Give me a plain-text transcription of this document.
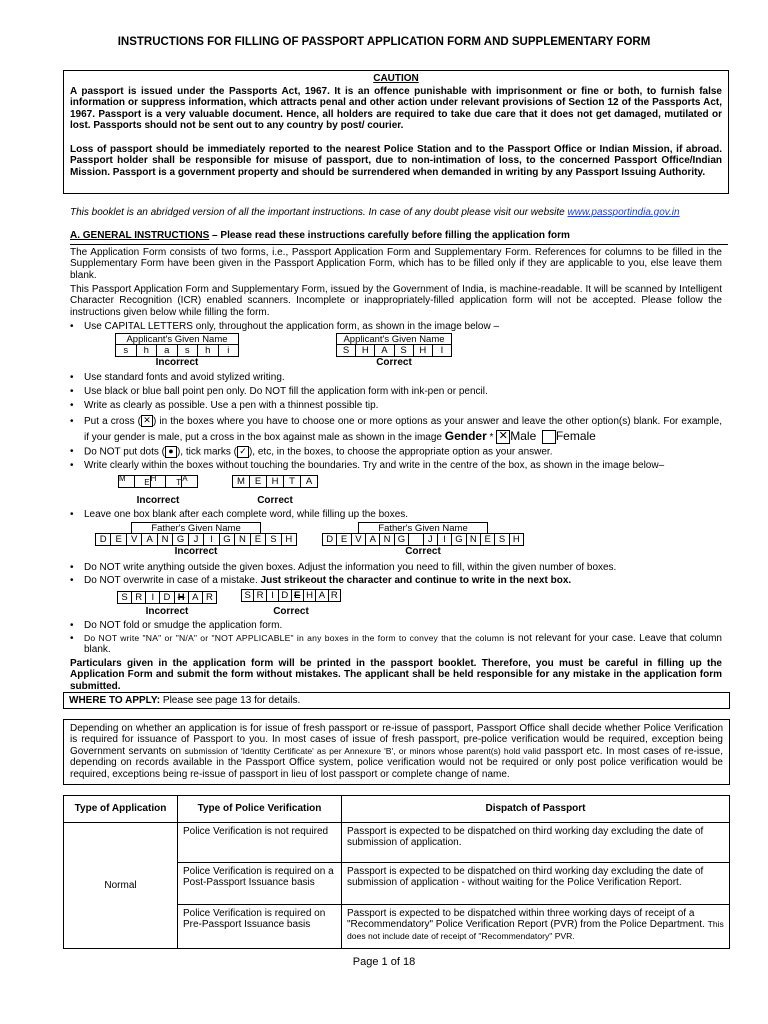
INSTRUCTIONS FOR FILLING OF PASSPORT APPLICATION FORM AND SUPPLEMENTARY FORM
CAUTION
A passport is issued under the Passports Act, 1967. It is an offence punishable with imprisonment or fine or both, to furnish false information or suppress information, which attracts penal and other action under relevant provisions of Section 12 of the Passports Act, 1967. Passport is a very valuable document. Hence, all holders are required to take due care that it does not get damaged, mutilated or lost. Passports should not be sent out to any country by post/ courier.
Loss of passport should be immediately reported to the nearest Police Station and to the Passport Office or Indian Mission, if abroad. Passport holder shall be responsible for misuse of passport, due to non-intimation of loss, to the concerned Passport Office/Indian Mission. Passport is a government property and should be surrendered when demanded in writing by any Passport Issuing Authority.
This booklet is an abridged version of all the important instructions. In case of any doubt please visit our website www.passportindia.gov.in
A. GENERAL INSTRUCTIONS – Please read these instructions carefully before filling the application form
The Application Form consists of two forms, i.e., Passport Application Form and Supplementary Form. References for columns to be filled in the Supplementary Form have been given in the Passport Application Form, which has to be filled only if they are applicable to you, else leave them blank.
This Passport Application Form and Supplementary Form, issued by the Government of India, is machine-readable. It will be scanned by Intelligent Character Recognition (ICR) enabled scanners. Incomplete or inappropriately-filled application form will not be accepted. Please follow the instructions given below while filling the form.
• Use CAPITAL LETTERS only, throughout the application form, as shown in the image below –
Applicant's Given Name
s	h	a	s	h	i
Incorrect
Applicant's Given Name
S	H	A	S	H	I
Correct
• Use standard fonts and avoid stylized writing.
• Use black or blue ball point pen only. Do NOT fill the application form with ink-pen or pencil.
• Write as clearly as possible. Use a pen with a thinnest possible tip.
• Put a cross ( ✕ ) in the boxes where you have to choose one or more options as your answer and leave the other option(s) blank. For example, if your gender is male, put a cross in the box against male as shown in the image Gender * ✕ Male Female
• Do NOT put dots ( ● ), tick marks ( ✓ ), etc, in the boxes, to choose the appropriate option as your answer.
• Write clearly within the boxes without touching the boundaries. Try and write in the centre of the box, as shown in the image below–
M	E H	T A
Incorrect
M	E	H	T	A
Correct
• Leave one box blank after each complete word, while filling up the boxes.
Father's Given Name
D E V A N G J	I	G N E S H
Incorrect
Father's Given Name
D E V A N G	J	I G N E S H
Correct
• Do NOT write anything outside the given boxes. Adjust the information you need to fill, within the given number of boxes.
• Do NOT overwrite in case of a mistake. Just strikeout the character and continue to write in the next box.
S R I D H A R
Incorrect
S R I D E H A R
Correct
• Do NOT fold or smudge the application form.
• Do NOT write "NA" or "N/A" or "NOT APPLICABLE" in any boxes in the form to convey that the column is not relevant for your case. Leave that column blank.
Particulars given in the application form will be printed in the passport booklet. Therefore, you must be careful in filling up the Application Form and submit the form without mistakes. The applicant shall be held responsible for any mistake in the application form submitted.
WHERE TO APPLY: Please see page 13 for details.
Depending on whether an application is for issue of fresh passport or re-issue of passport, Passport Office shall decide whether Police Verification is required for issuance of Passport to you. In most cases of issue of fresh passport, pre-police verification would be required, exception being Government servants on submission of 'Identity Certificate' as per Annexure 'B', or minors whose parent(s) hold valid passport etc. In most cases of re-issue, depending on records available in the Passport Office system, police verification would not be required or only post police verification would be required, exceptions being re-issue of passport in lieu of lost passport or complete change of name.
Type of Application	Type of Police Verification	Dispatch of Passport
Normal	Police Verification is not required	Passport is expected to be dispatched on third working day excluding the date of submission of application.
	Police Verification is required on a Post-Passport Issuance basis	Passport is expected to be dispatched on third working day excluding the date of submission of application - without waiting for the Police Verification Report.
	Police Verification is required on Pre-Passport Issuance basis	Passport is expected to be dispatched within three working days of receipt of a "Recommendatory" Police Verification Report (PVR) from the Police Department. This does not include date of receipt of "Recommendatory" PVR.
Page 1 of 18
